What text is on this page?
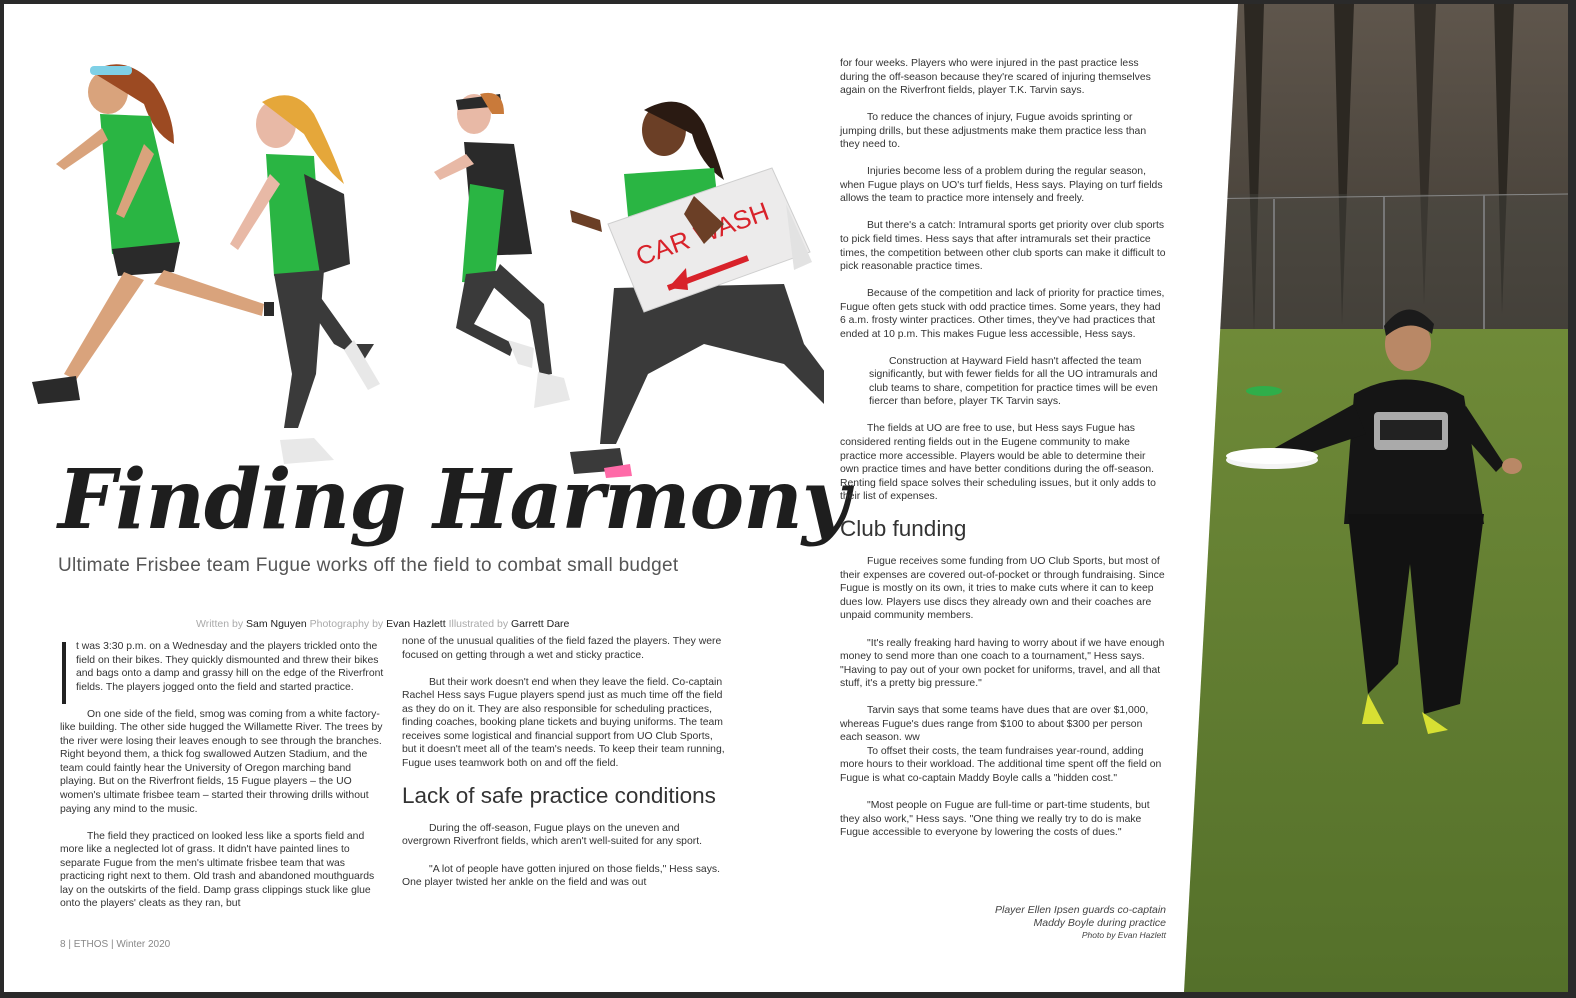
CAR WASH
Finding Harmony
Ultimate Frisbee team Fugue works off the field to combat small budget
Written by Sam Nguyen Photography by Evan Hazlett Illustrated by Garrett Dare

t was 3:30 p.m. on a Wednesday and the players trickled onto the field on their bikes. They quickly dismounted and threw their bikes and bags onto a damp and grassy hill on the edge of the Riverfront fields. The players jogged onto the field and started practice.

On one side of the field, smog was coming from a white factory-like building. The other side hugged the Willamette River. The trees by the river were losing their leaves enough to see through the branches. Right beyond them, a thick fog swallowed Autzen Stadium, and the team could faintly hear the University of Oregon marching band playing. But on the Riverfront fields, 15 Fugue players – the UO women's ultimate frisbee team – started their throwing drills without paying any mind to the music.

The field they practiced on looked less like a sports field and more like a neglected lot of grass. It didn't have painted lines to separate Fugue from the men's ultimate frisbee team that was practicing right next to them. Old trash and abandoned mouthguards lay on the outskirts of the field. Damp grass clippings stuck like glue onto the players' cleats as they ran, but

none of the unusual qualities of the field fazed the players. They were focused on getting through a wet and sticky practice.

But their work doesn't end when they leave the field. Co-captain Rachel Hess says Fugue players spend just as much time off the field as they do on it. They are also responsible for scheduling practices, finding coaches, booking plane tickets and buying uniforms. The team receives some logistical and financial support from UO Club Sports, but it doesn't meet all of the team's needs. To keep their team running, Fugue uses teamwork both on and off the field.

Lack of safe practice conditions

During the off-season, Fugue plays on the uneven and overgrown Riverfront fields, which aren't well-suited for any sport.

"A lot of people have gotten injured on those fields," Hess says. One player twisted her ankle on the field and was out

for four weeks. Players who were injured in the past practice less during the off-season because they're scared of injuring themselves again on the Riverfront fields, player T.K. Tarvin says.

To reduce the chances of injury, Fugue avoids sprinting or jumping drills, but these adjustments make them practice less than they need to.

Injuries become less of a problem during the regular season, when Fugue plays on UO's turf fields, Hess says. Playing on turf fields allows the team to practice more intensely and freely.

But there's a catch: Intramural sports get priority over club sports to pick field times. Hess says that after intramurals set their practice times, the competition between other club sports can make it difficult to pick reasonable practice times.

Because of the competition and lack of priority for practice times, Fugue often gets stuck with odd practice times. Some years, they had 6 a.m. frosty winter practices. Other times, they've had practices that ended at 10 p.m. This makes Fugue less accessible, Hess says.

Construction at Hayward Field hasn't affected the team significantly, but with fewer fields for all the UO intramurals and club teams to share, competition for practice times will be even fiercer than before, player TK Tarvin says.

The fields at UO are free to use, but Hess says Fugue has considered renting fields out in the Eugene community to make practice more accessible. Players would be able to determine their own practice times and have better conditions during the off-season. Renting field space solves their scheduling issues, but it only adds to their list of expenses.

Club funding

Fugue receives some funding from UO Club Sports, but most of their expenses are covered out-of-pocket or through fundraising. Since Fugue is mostly on its own, it tries to make cuts where it can to keep dues low. Players use discs they already own and their coaches are unpaid community members.

"It's really freaking hard having to worry about if we have enough money to send more than one coach to a tournament," Hess says. "Having to pay out of your own pocket for uniforms, travel, and all that stuff, it's a pretty big pressure."

Tarvin says that some teams have dues that are over $1,000, whereas Fugue's dues range from $100 to about $300 per person each season. ww

To offset their costs, the team fundraises year-round, adding more hours to their workload. The additional time spent off the field on Fugue is what co-captain Maddy Boyle calls a "hidden cost."

"Most people on Fugue are full-time or part-time students, but they also work," Hess says. "One thing we really try to do is make Fugue accessible to everyone by lowering the costs of dues."

Player Ellen Ipsen guards co-captain
Maddy Boyle during practice
Photo by Evan Hazlett
8 | ETHOS | Winter 2020
